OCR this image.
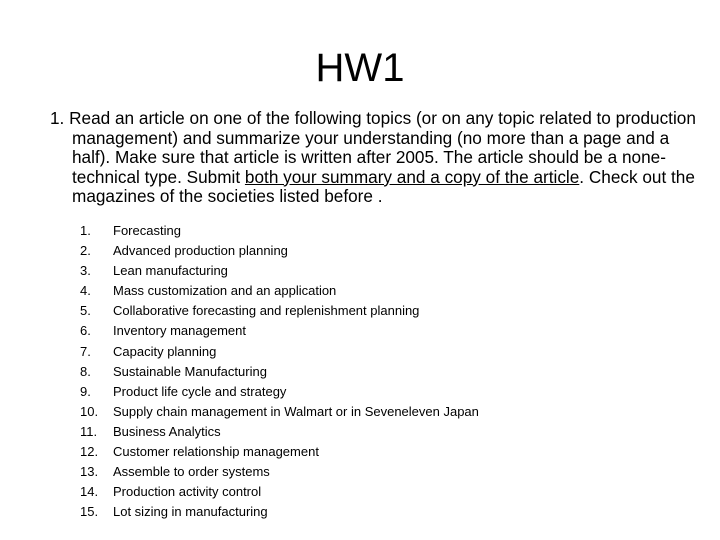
HW1
1. Read an article on one of the following topics (or on any topic related to production management) and summarize your understanding (no more than a page and a half). Make sure that article is written after 2005. The article should be a none-technical type. Submit both your summary and a copy of the article. Check out the magazines of the societies listed before .
1.	Forecasting
2.	Advanced production planning
3.	Lean manufacturing
4.	Mass customization and an application
5.	Collaborative forecasting and replenishment planning
6.	Inventory management
7.	Capacity planning
8.	Sustainable Manufacturing
9.	Product life cycle and strategy
10.	Supply chain management in Walmart or in Seveneleven Japan
11.	Business Analytics
12.	Customer relationship management
13.	Assemble to order systems
14.	Production activity control
15.	Lot sizing in manufacturing
